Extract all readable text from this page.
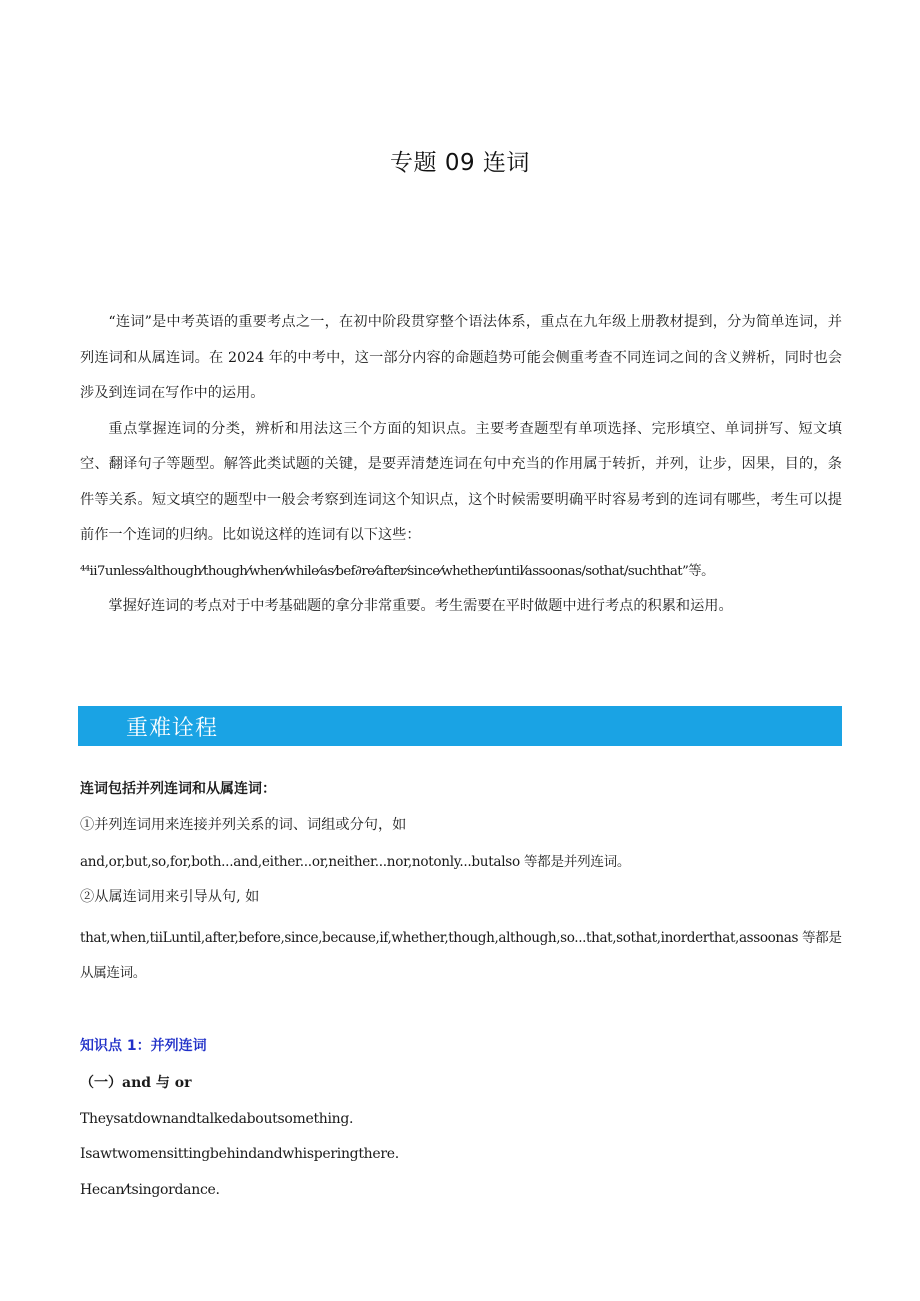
专题 09 连词

“连词”是中考英语的重要考点之一，在初中阶段贯穿整个语法体系，重点在九年级上册教材提到，分为简单连词，并列连词和从属连词。在 2024 年的中考中，这一部分内容的命题趋势可能会侧重考查不同连词之间的含义辨析，同时也会涉及到连词在写作中的运用。

重点掌握连词的分类，辨析和用法这三个方面的知识点。主要考查题型有单项选择、完形填空、单词拼写、短文填空、翻译句子等题型。解答此类试题的关键，是要弄清楚连词在句中充当的作用属于转折，并列，让步，因果，目的，条件等关系。短文填空的题型中一般会考察到连词这个知识点，这个时候需要明确平时容易考到的连词有哪些，考生可以提前作一个连词的归纳。比如说这样的连词有以下这些：

⁴⁴ii7unless⁄although⁄though⁄when⁄while⁄as⁄bef∂re⁄after⁄since⁄whether⁄until⁄assoonas/sothat/suchthat”等。

掌握好连词的考点对于中考基础题的拿分非常重要。考生需要在平时做题中进行考点的积累和运用。

重难诠程
连词包括并列连词和从属连词：
①并列连词用来连接并列关系的词、词组或分句，如
and,or,but,so,for,both...and,either...or,neither...nor,notonly...butalso 等都是并列连词。
②从属连词用来引导从句, 如
that,when,tiiLuntil,after,before,since,because,if,whether,though,although,so...that,sothat,inorderthat,assoonas 等都是从属连词。
知识点 1：并列连词
（一）and 与 or
Theysatdownandtalkedaboutsomething.
Isawtwomensittingbehindandwhisperingthere.
Hecan⁄tsingordance.
